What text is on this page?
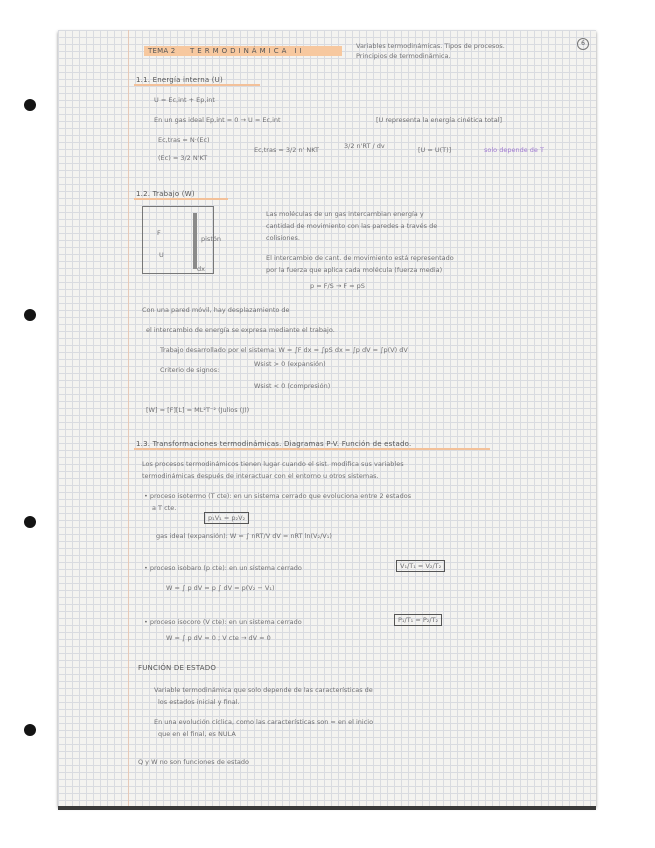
TEMA 2 TERMODINÁMICA II
Variables termodinámicas. Tipos de procesos.
Principios de termodinámica.
6
1.1. Energía interna (U)
U = Ec,int + Ep,int
En un gas ideal Ep,int = 0 → U = Ec,int	[U representa la energía cinética total]
Ec,tras = N·(Ec)
(Ec) = 3/2 N'KT
Ec,tras = 3/2 n' NKT	3/2 n'RT / dv	[U = U(T)]	solo depende de T
1.2. Trabajo (W)
F
pistón
dx
U
Las moléculas de un gas intercambian energía y
cantidad de movimiento con las paredes a través de
colisiones.
El intercambio de cant. de movimiento está representado
por la fuerza que aplica cada molécula (fuerza media)
p = F/S → F = pS
Con una pared móvil, hay desplazamiento de
el intercambio de energía se expresa mediante el trabajo.
Trabajo desarrollado por el sistema: W = ∫F dx = ∫pS dx = ∫p dV = ∫p(V) dV
Criterio de signos:
Wsist > 0 (expansión)
Wsist < 0 (compresión)
[W] = [F][L] = ML²T⁻² (Julios (J))
1.3. Transformaciones termodinámicas. Diagramas P-V. Función de estado.
Los procesos termodinámicos tienen lugar cuando el sist. modifica sus variables
termodinámicas después de interactuar con el entorno u otros sistemas.
• proceso isotermo (T cte): en un sistema cerrado que evoluciona entre 2 estados
a T cte.
p₁V₁ = p₂V₂
gas ideal (expansión): W = ∫ nRT/V dV = nRT ln(V₂/V₁)
• proceso isobaro (p cte): en un sistema cerrado	V₁/T₁ = V₂/T₂
W = ∫ p dV = p ∫ dV = p(V₂ − V₁)
• proceso isocoro (V cte): en un sistema cerrado	P₁/T₁ = P₂/T₂
W = ∫ p dV = 0 ; V cte → dV = 0
FUNCIÓN DE ESTADO
Variable termodinámica que solo depende de las características de
los estados inicial y final.
En una evolución cíclica, como las características son = en el inicio
que en el final, es NULA
Q y W no son funciones de estado
